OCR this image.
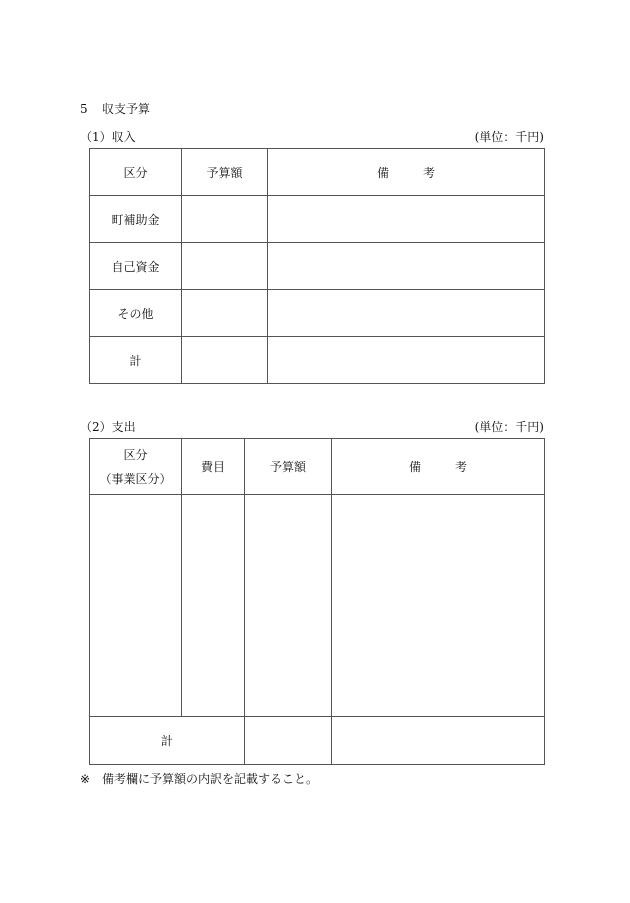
5 収支予算
（1）収入	(単位：千円)
区分	予算額	備 考
町補助金		
自己資金		
その他		
計		
（2）支出	(単位：千円)
区分
（事業区分）	費目	予算額	備 考

計			
※ 備考欄に予算額の内訳を記載すること。
